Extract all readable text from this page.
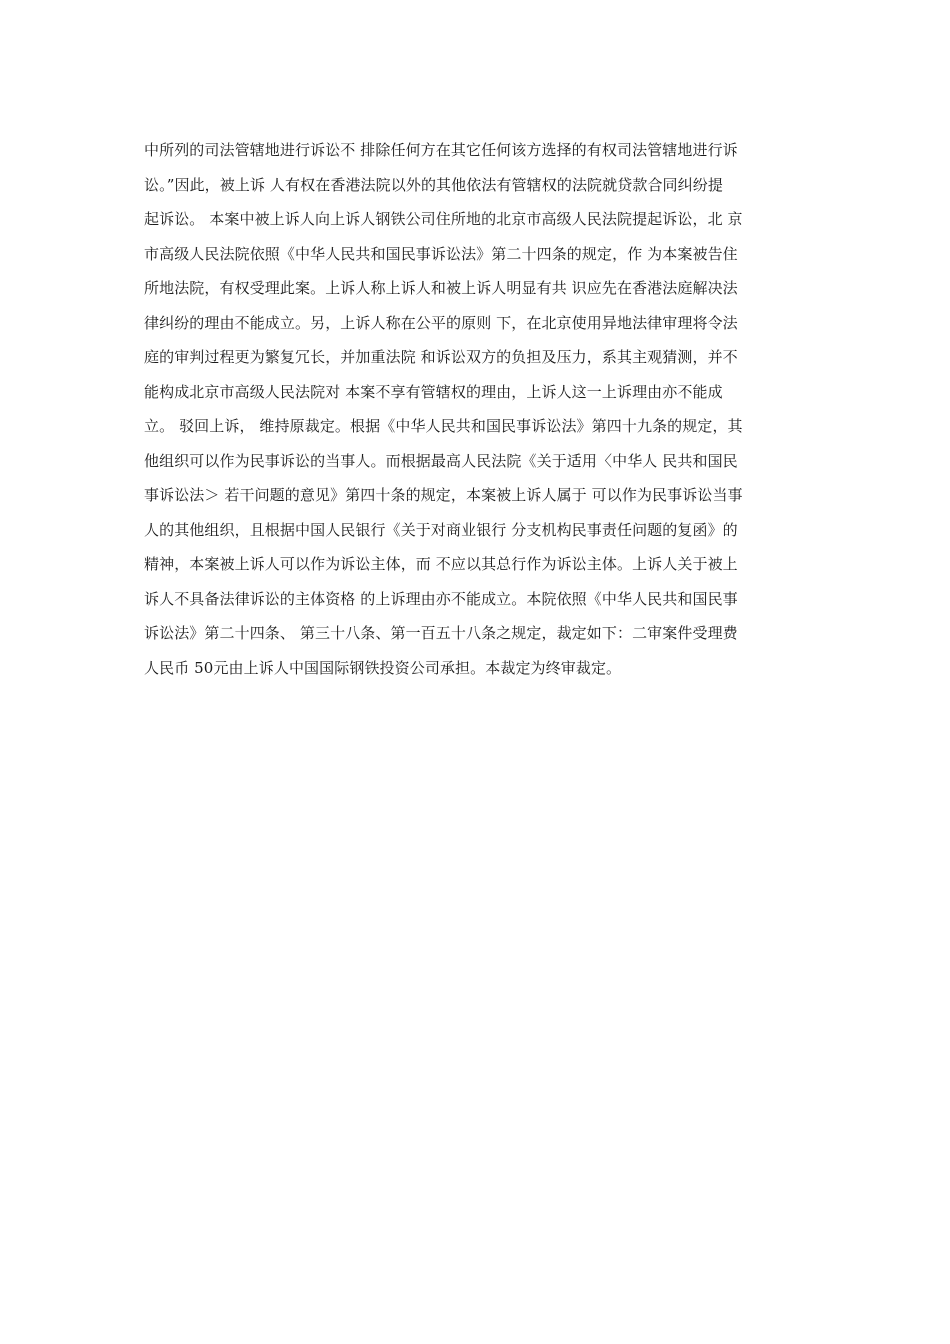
中所列的司法管辖地进行诉讼不 排除任何方在其它任何该方选择的有权司法管辖地进行诉
讼。”因此，被上诉 人有权在香港法院以外的其他依法有管辖权的法院就贷款合同纠纷提
起诉讼。 本案中被上诉人向上诉人钢铁公司住所地的北京市高级人民法院提起诉讼，北 京
市高级人民法院依照《中华人民共和国民事诉讼法》第二十四条的规定，作 为本案被告住
所地法院，有权受理此案。上诉人称上诉人和被上诉人明显有共 识应先在香港法庭解决法
律纠纷的理由不能成立。另，上诉人称在公平的原则 下，在北京使用异地法律审理将令法
庭的审判过程更为繁复冗长，并加重法院 和诉讼双方的负担及压力，系其主观猜测，并不
能构成北京市高级人民法院对 本案不享有管辖权的理由，上诉人这一上诉理由亦不能成
立。 驳回上诉， 维持原裁定。根据《中华人民共和国民事诉讼法》第四十九条的规定，其
他组织可以作为民事诉讼的当事人。而根据最高人民法院《关于适用〈中华人 民共和国民
事诉讼法＞ 若干问题的意见》第四十条的规定，本案被上诉人属于 可以作为民事诉讼当事
人的其他组织，且根据中国人民银行《关于对商业银行 分支机构民事责任问题的复函》的
精神，本案被上诉人可以作为诉讼主体，而 不应以其总行作为诉讼主体。上诉人关于被上
诉人不具备法律诉讼的主体资格 的上诉理由亦不能成立。本院依照《中华人民共和国民事
诉讼法》第二十四条、 第三十八条、第一百五十八条之规定，裁定如下：二审案件受理费
人民币 50元由上诉人中国国际钢铁投资公司承担。本裁定为终审裁定。
